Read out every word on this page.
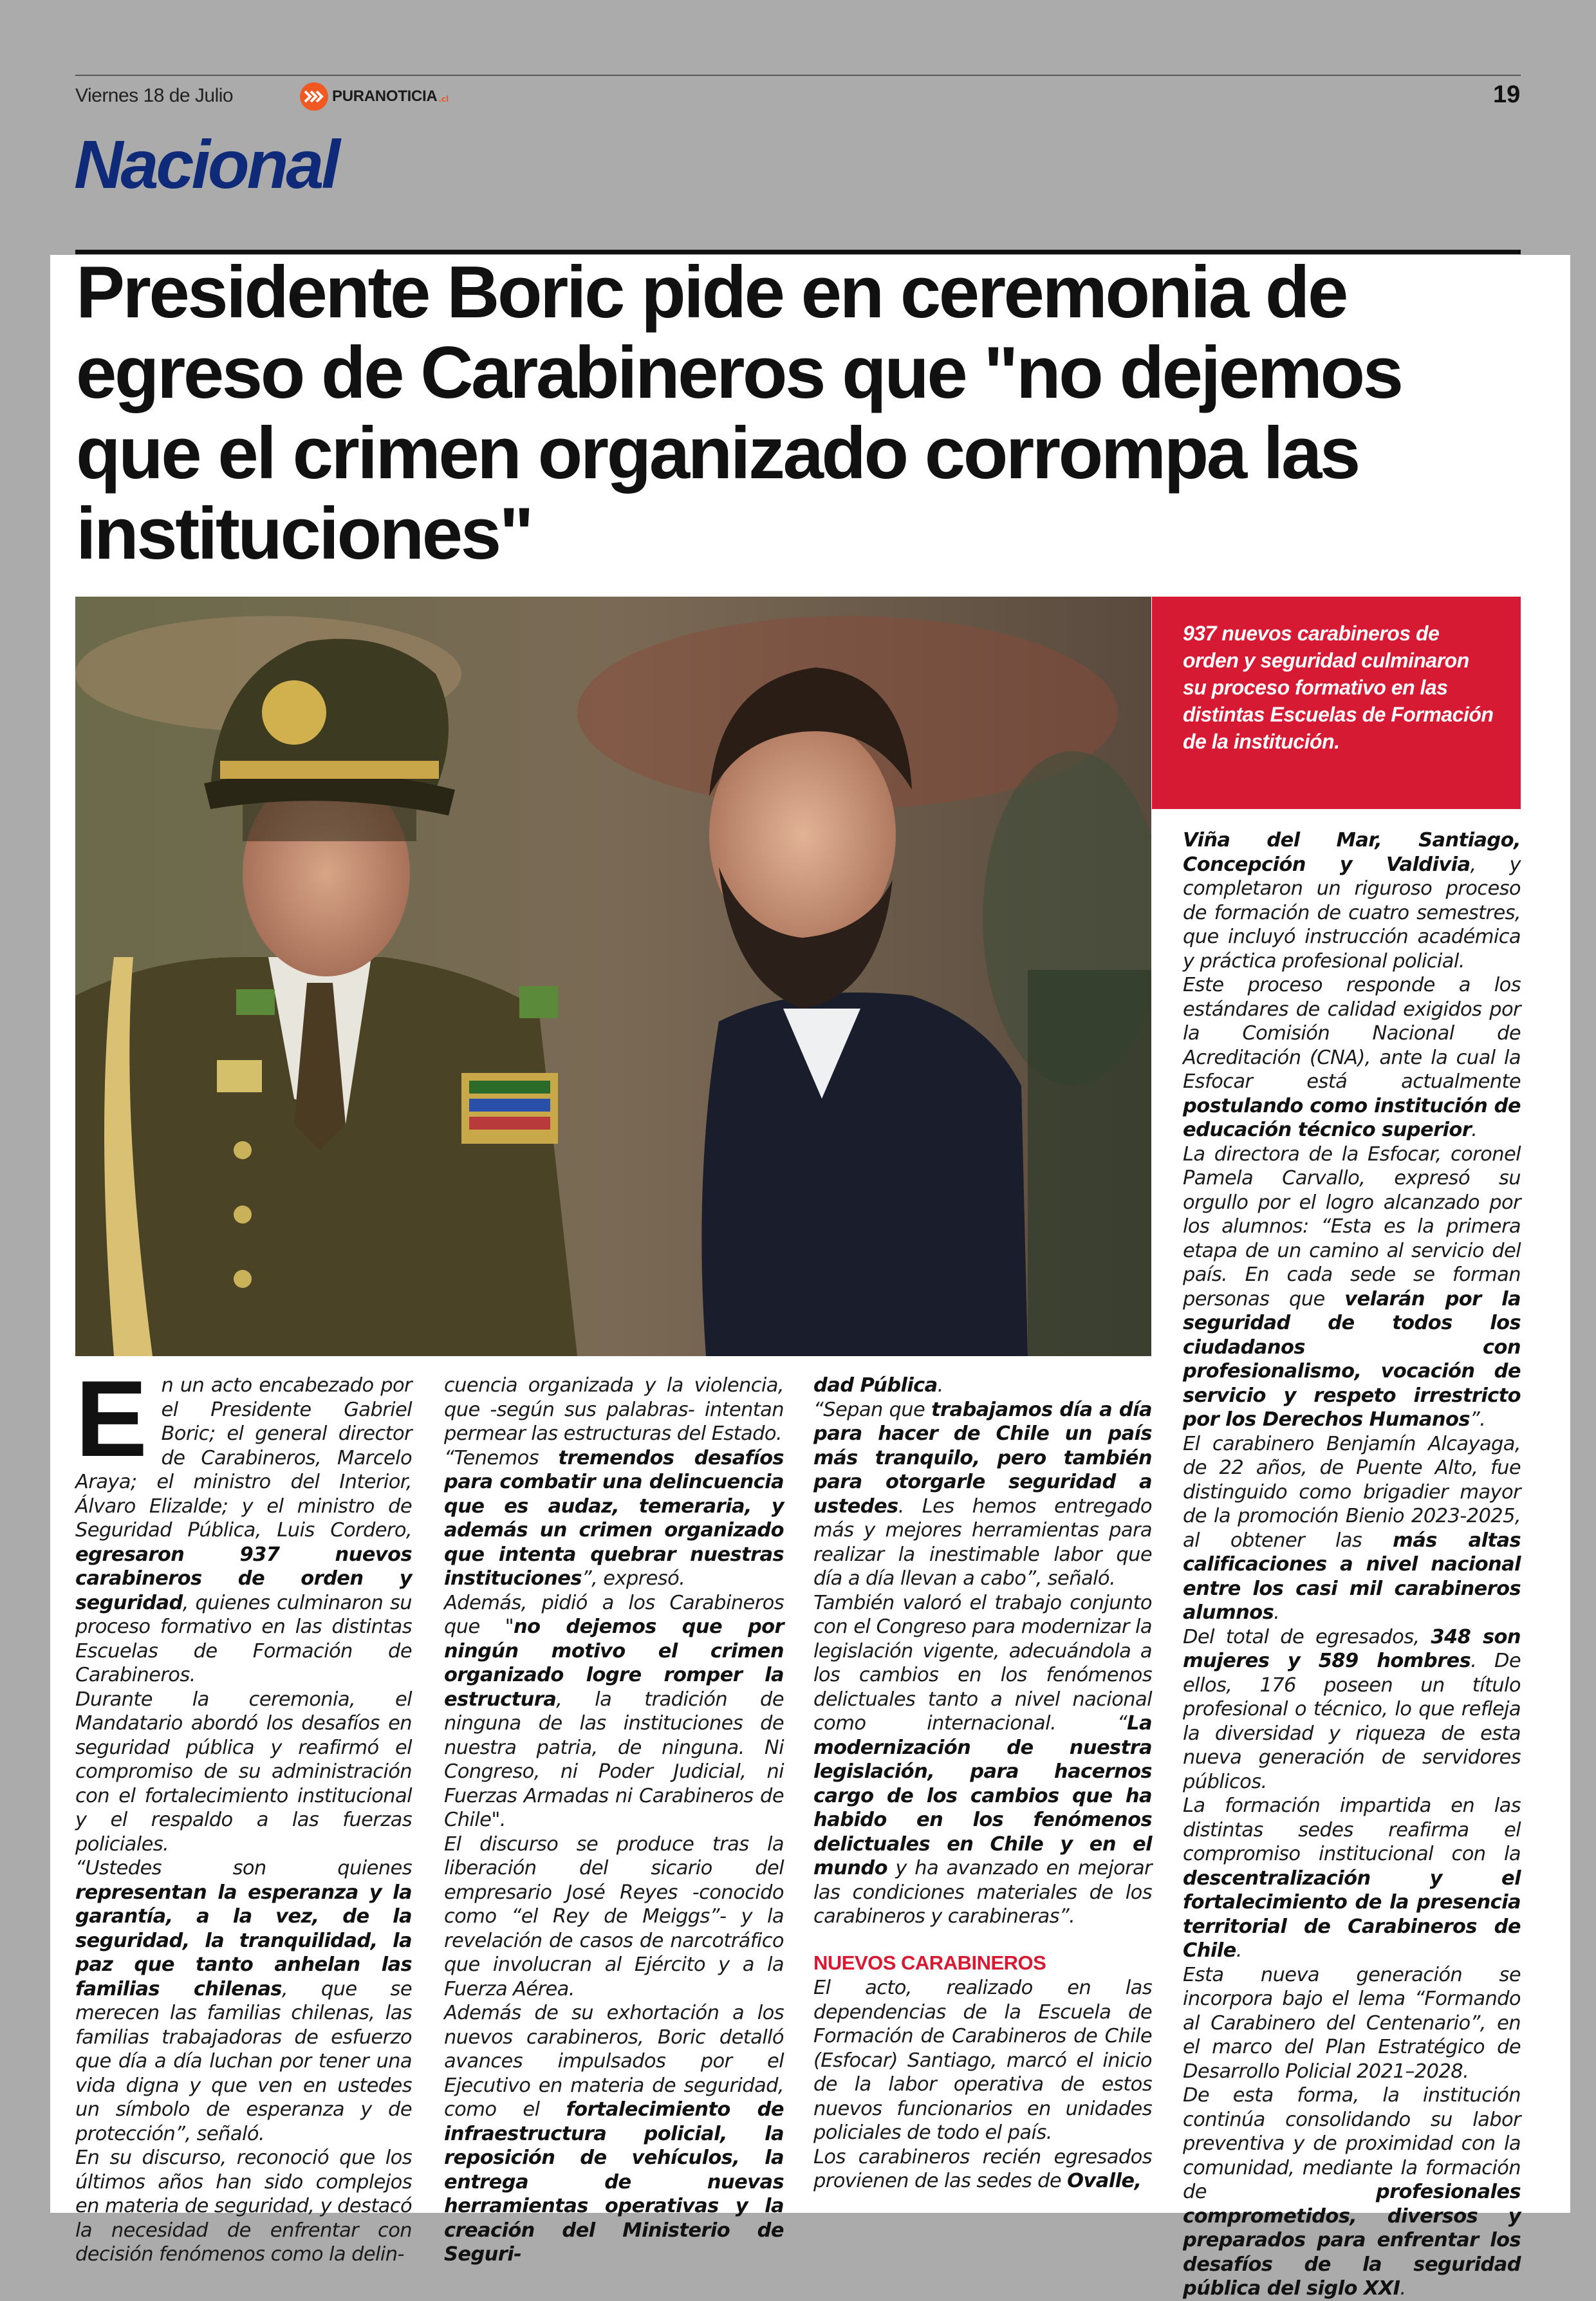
Viernes 18 de Julio	PURANOTICIA .cl	19
Nacional
Presidente Boric pide en ceremonia de egreso de Carabineros que "no dejemos que el crimen organizado corrompa las instituciones"

937 nuevos carabineros de orden y seguridad culminaron su proceso formativo en las distintas Escuelas de Formación de la institución.

En un acto encabezado por el Presidente Gabriel Boric; el general director de Carabineros, Marcelo Araya; el ministro del Interior, Álvaro Elizalde; y el ministro de Seguridad Pública, Luis Cordero, egresaron 937 nuevos carabineros de orden y seguridad, quienes culminaron su proceso formativo en las distintas Escuelas de Formación de Carabineros.

Durante la ceremonia, el Mandatario abordó los desafíos en seguridad pública y reafirmó el compromiso de su administración con el fortalecimiento institucional y el respaldo a las fuerzas policiales.

“Ustedes son quienes representan la esperanza y la garantía, a la vez, de la seguridad, la tranquilidad, la paz que tanto anhelan las familias chilenas, que se merecen las familias chilenas, las familias trabajadoras de esfuerzo que día a día luchan por tener una vida digna y que ven en ustedes un símbolo de esperanza y de protección”, señaló.

En su discurso, reconoció que los últimos años han sido complejos en materia de seguridad, y destacó la necesidad de enfrentar con decisión fenómenos como la delin-

cuencia organizada y la violencia, que -según sus palabras- intentan permear las estructuras del Estado.

“Tenemos tremendos desafíos para combatir una delincuencia que es audaz, temeraria, y además un crimen organizado que intenta quebrar nuestras instituciones”, expresó.

Además, pidió a los Carabineros que "no dejemos que por ningún motivo el crimen organizado logre romper la estructura, la tradición de ninguna de las instituciones de nuestra patria, de ninguna. Ni Congreso, ni Poder Judicial, ni Fuerzas Armadas ni Carabineros de Chile".

El discurso se produce tras la liberación del sicario del empresario José Reyes -conocido como “el Rey de Meiggs”- y la revelación de casos de narcotráfico que involucran al Ejército y a la Fuerza Aérea.

Además de su exhortación a los nuevos carabineros, Boric detalló avances impulsados por el Ejecutivo en materia de seguridad, como el fortalecimiento de infraestructura policial, la reposición de vehículos, la entrega de nuevas herramientas operativas y la creación del Ministerio de Seguri-

dad Pública.

“Sepan que trabajamos día a día para hacer de Chile un país más tranquilo, pero también para otorgarle seguridad a ustedes. Les hemos entregado más y mejores herramientas para realizar la inestimable labor que día a día llevan a cabo”, señaló.

También valoró el trabajo conjunto con el Congreso para modernizar la legislación vigente, adecuándola a los cambios en los fenómenos delictuales tanto a nivel nacional como internacional. “La modernización de nuestra legislación, para hacernos cargo de los cambios que ha habido en los fenómenos delictuales en Chile y en el mundo y ha avanzado en mejorar las condiciones materiales de los carabineros y carabineras”.

NUEVOS CARABINEROS

El acto, realizado en las dependencias de la Escuela de Formación de Carabineros de Chile (Esfocar) Santiago, marcó el inicio de la labor operativa de estos nuevos funcionarios en unidades policiales de todo el país.

Los carabineros recién egresados provienen de las sedes de Ovalle,

Viña del Mar, Santiago, Concepción y Valdivia, y completaron un riguroso proceso de formación de cuatro semestres, que incluyó instrucción académica y práctica profesional policial.

Este proceso responde a los estándares de calidad exigidos por la Comisión Nacional de Acreditación (CNA), ante la cual la Esfocar está actualmente postulando como institución de educación técnico superior.

La directora de la Esfocar, coronel Pamela Carvallo, expresó su orgullo por el logro alcanzado por los alumnos: “Esta es la primera etapa de un camino al servicio del país. En cada sede se forman personas que velarán por la seguridad de todos los ciudadanos con profesionalismo, vocación de servicio y respeto irrestricto por los Derechos Humanos”.

El carabinero Benjamín Alcayaga, de 22 años, de Puente Alto, fue distinguido como brigadier mayor de la promoción Bienio 2023-2025, al obtener las más altas calificaciones a nivel nacional entre los casi mil carabineros alumnos.

Del total de egresados, 348 son mujeres y 589 hombres. De ellos, 176 poseen un título profesional o técnico, lo que refleja la diversidad y riqueza de esta nueva generación de servidores públicos.

La formación impartida en las distintas sedes reafirma el compromiso institucional con la descentralización y el fortalecimiento de la presencia territorial de Carabineros de Chile.

Esta nueva generación se incorpora bajo el lema “Formando al Carabinero del Centenario”, en el marco del Plan Estratégico de Desarrollo Policial 2021–2028.

De esta forma, la institución continúa consolidando su labor preventiva y de proximidad con la comunidad, mediante la formación de profesionales comprometidos, diversos y preparados para enfrentar los desafíos de la seguridad pública del siglo XXI.
